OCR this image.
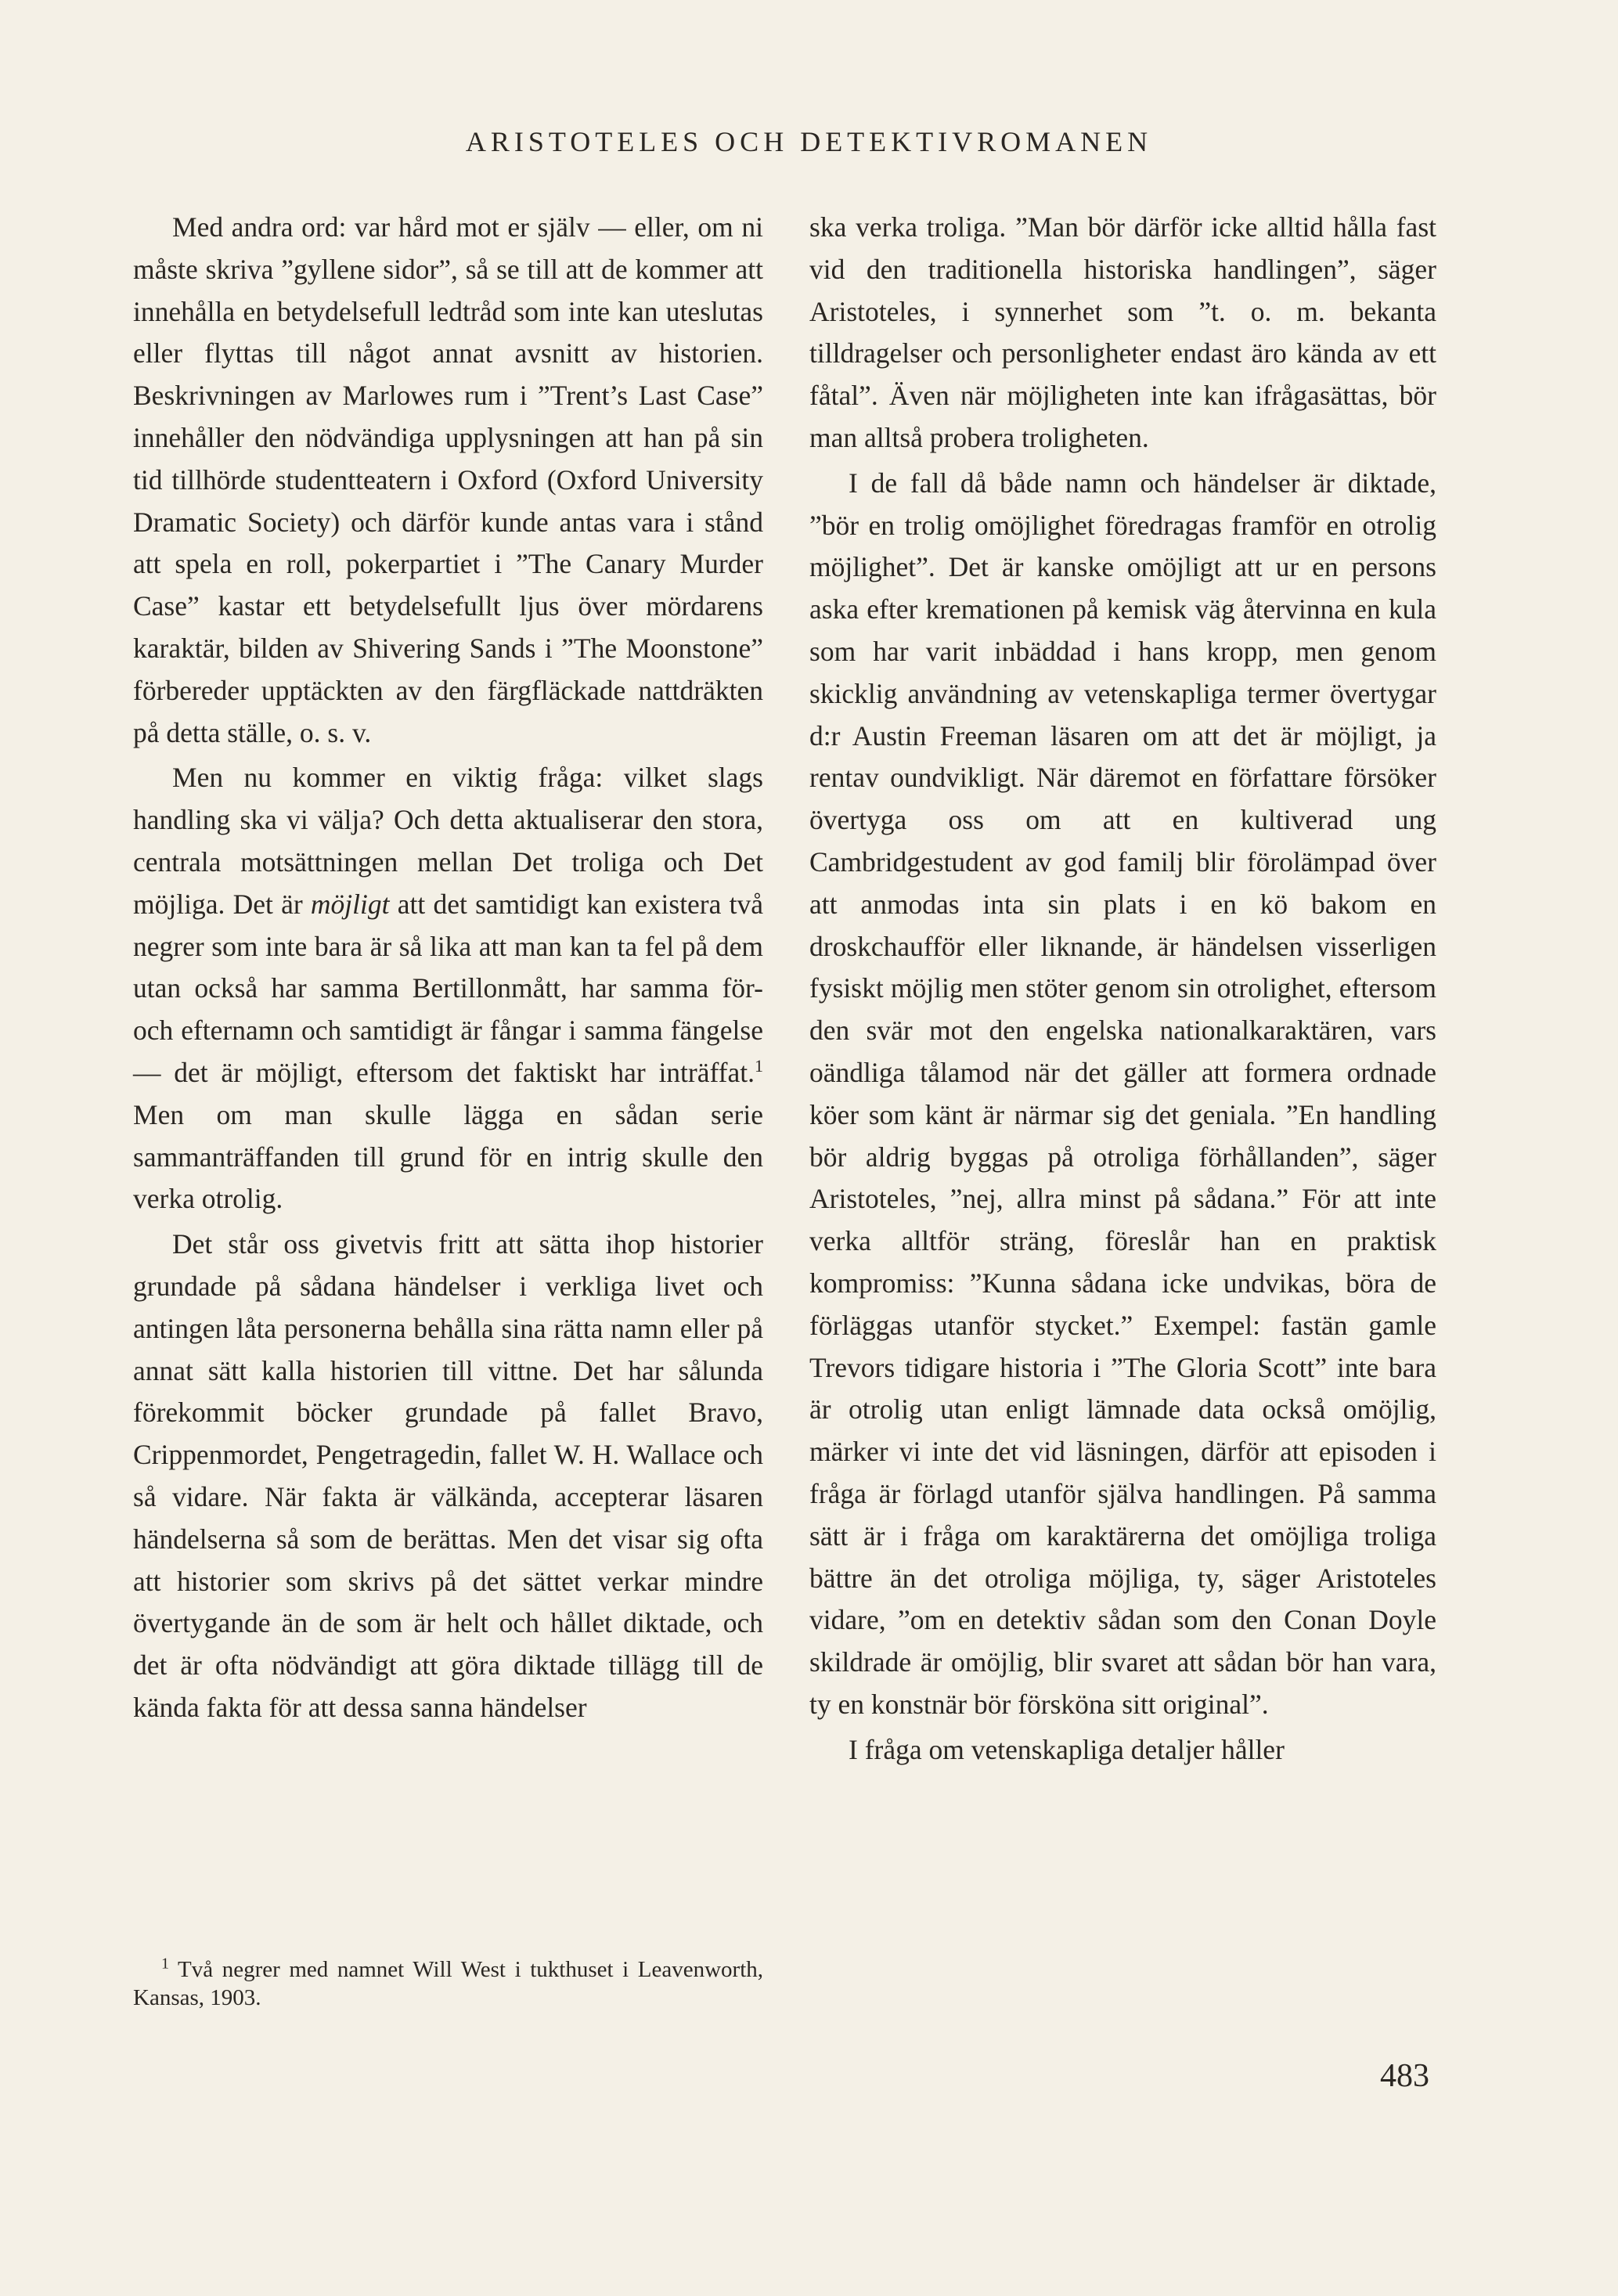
ARISTOTELES OCH DETEKTIVROMANEN

Med andra ord: var hård mot er själv — eller, om ni måste skriva ”gyllene sidor”, så se till att de kommer att innehålla en betydelsefull ledtråd som inte kan uteslutas eller flyttas till något annat avsnitt av historien. Beskrivningen av Marlowes rum i ”Trent’s Last Case” innehåller den nödvändiga upplysningen att han på sin tid tillhörde studentteatern i Oxford (Oxford University Dramatic Society) och därför kunde antas vara i stånd att spela en roll, pokerpartiet i ”The Canary Murder Case” kastar ett betydelsefullt ljus över mördarens karaktär, bilden av Shivering Sands i ”The Moonstone” förbereder upptäckten av den färgfläckade nattdräkten på detta ställe, o. s. v.

Men nu kommer en viktig fråga: vilket slags handling ska vi välja? Och detta aktualiserar den stora, centrala motsättningen mellan Det troliga och Det möjliga. Det är möjligt att det samtidigt kan existera två negrer som inte bara är så lika att man kan ta fel på dem utan också har samma Bertillonmått, har samma för- och efternamn och samtidigt är fångar i samma fängelse — det är möjligt, eftersom det faktiskt har inträffat.$^1$ Men om man skulle lägga en sådan serie sammanträffanden till grund för en intrig skulle den verka otrolig.

Det står oss givetvis fritt att sätta ihop historier grundade på sådana händelser i verkliga livet och antingen låta personerna behålla sina rätta namn eller på annat sätt kalla historien till vittne. Det har sålunda förekommit böcker grundade på fallet Bravo, Crippenmordet, Pengetragedin, fallet W. H. Wallace och så vidare. När fakta är välkända, accepterar läsaren händelserna så som de berättas. Men det visar sig ofta att historier som skrivs på det sättet verkar mindre övertygande än de som är helt och hållet diktade, och det är ofta nödvändigt att göra diktade tillägg till de kända fakta för att dessa sanna händelser

ska verka troliga. ”Man bör därför icke alltid hålla fast vid den traditionella historiska handlingen”, säger Aristoteles, i synnerhet som ”t. o. m. bekanta tilldragelser och personligheter endast äro kända av ett fåtal”. Även när möjligheten inte kan ifrågasättas, bör man alltså probera troligheten.

I de fall då både namn och händelser är diktade, ”bör en trolig omöjlighet föredragas framför en otrolig möjlighet”. Det är kanske omöjligt att ur en persons aska efter kremationen på kemisk väg återvinna en kula som har varit inbäddad i hans kropp, men genom skicklig användning av vetenskapliga termer övertygar d:r Austin Freeman läsaren om att det är möjligt, ja rentav oundvikligt. När däremot en författare försöker övertyga oss om att en kultiverad ung Cambridgestudent av god familj blir förolämpad över att anmodas inta sin plats i en kö bakom en droskchaufför eller liknande, är händelsen visserligen fysiskt möjlig men stöter genom sin otrolighet, eftersom den svär mot den engelska nationalkaraktären, vars oändliga tålamod när det gäller att formera ordnade köer som känt är närmar sig det geniala. ”En handling bör aldrig byggas på otroliga förhållanden”, säger Aristoteles, ”nej, allra minst på sådana.” För att inte verka alltför sträng, föreslår han en praktisk kompromiss: ”Kunna sådana icke undvikas, böra de förläggas utanför stycket.” Exempel: fastän gamle Trevors tidigare historia i ”The Gloria Scott” inte bara är otrolig utan enligt lämnade data också omöjlig, märker vi inte det vid läsningen, därför att episoden i fråga är förlagd utanför själva handlingen. På samma sätt är i fråga om karaktärerna det omöjliga troliga bättre än det otroliga möjliga, ty, säger Aristoteles vidare, ”om en detektiv sådan som den Conan Doyle skildrade är omöjlig, blir svaret att sådan bör han vara, ty en konstnär bör försköna sitt original”.

I fråga om vetenskapliga detaljer håller

$^1$ Två negrer med namnet Will West i tukthuset i Leavenworth, Kansas, 1903.

483
